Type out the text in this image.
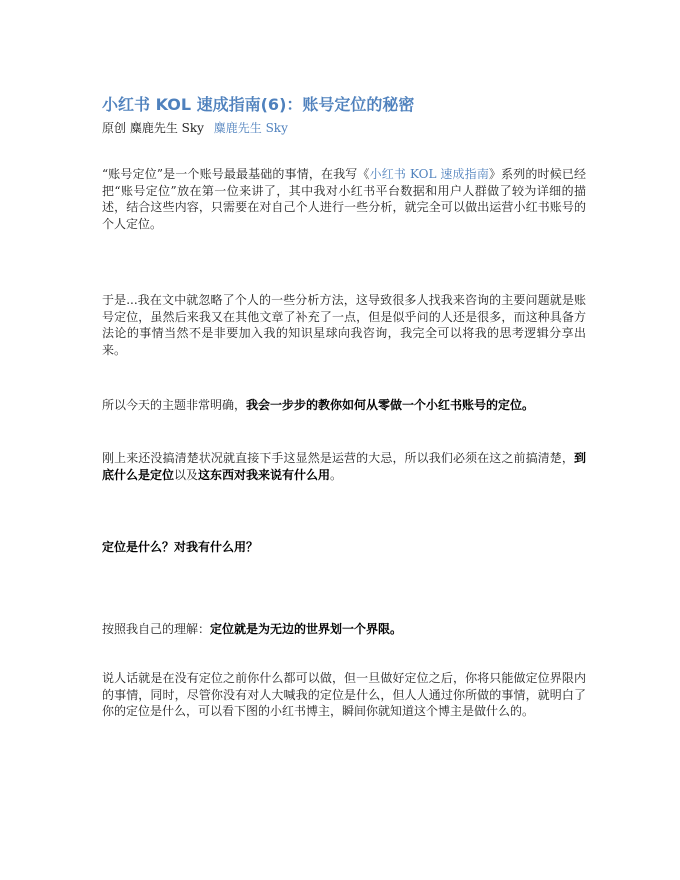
小红书 KOL 速成指南(6)：账号定位的秘密
原创 麋鹿先生 Sky 麋鹿先生 Sky

“账号定位”是一个账号最最基础的事情，在我写《小红书 KOL 速成指南》系列的时候已经把“账号定位”放在第一位来讲了，其中我对小红书平台数据和用户人群做了较为详细的描述，结合这些内容，只需要在对自己个人进行一些分析，就完全可以做出运营小红书账号的个人定位。

于是...我在文中就忽略了个人的一些分析方法，这导致很多人找我来咨询的主要问题就是账号定位，虽然后来我又在其他文章了补充了一点，但是似乎问的人还是很多，而这种具备方法论的事情当然不是非要加入我的知识星球向我咨询，我完全可以将我的思考逻辑分享出来。

所以今天的主题非常明确，我会一步步的教你如何从零做一个小红书账号的定位。

刚上来还没搞清楚状况就直接下手这显然是运营的大忌，所以我们必须在这之前搞清楚，到底什么是定位以及这东西对我来说有什么用。

定位是什么？对我有什么用？

按照我自己的理解：定位就是为无边的世界划一个界限。

说人话就是在没有定位之前你什么都可以做，但一旦做好定位之后，你将只能做定位界限内的事情，同时，尽管你没有对人大喊我的定位是什么，但人人通过你所做的事情，就明白了你的定位是什么，可以看下图的小红书博主，瞬间你就知道这个博主是做什么的。
